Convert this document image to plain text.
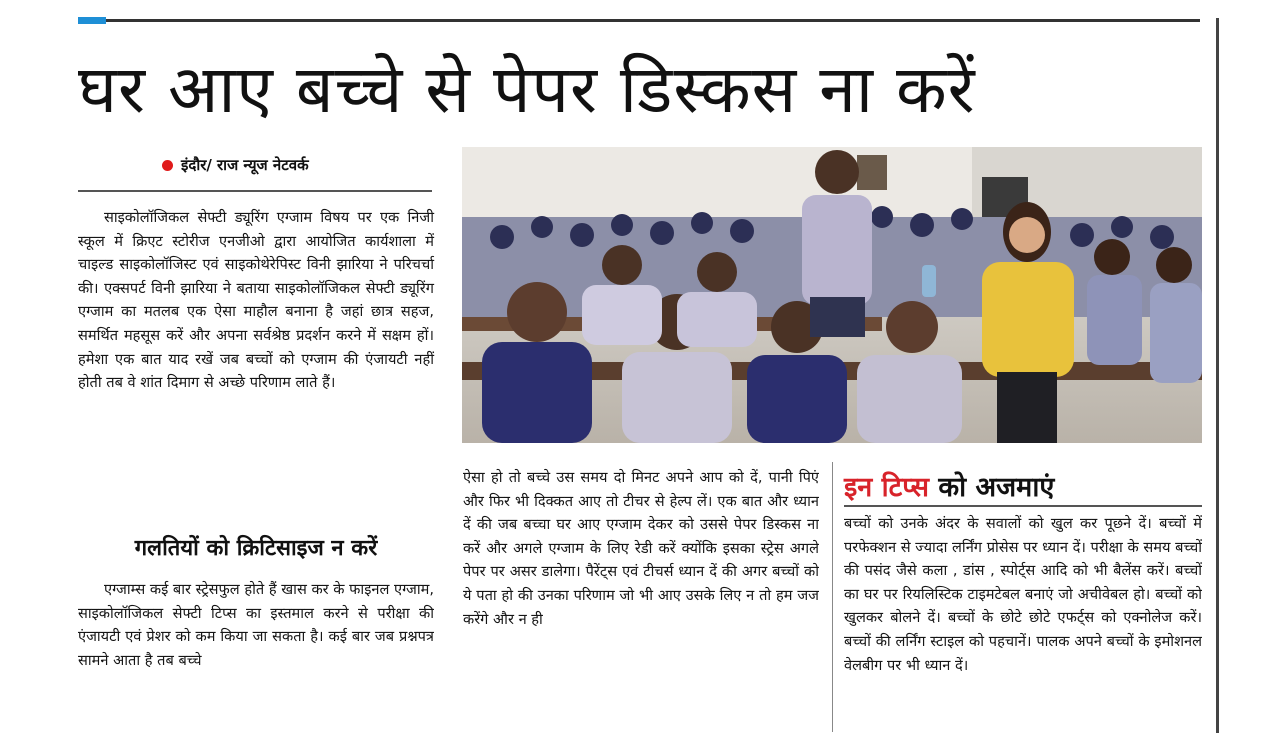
घर आए बच्चे से पेपर डिस्कस ना करें
इंदौर/ राज न्यूज नेटवर्क

साइकोलॉजिकल सेफ्टी ड्यूरिंग एग्जाम विषय पर एक निजी स्कूल में क्रिएट स्टोरीज एनजीओ द्वारा आयोजित कार्यशाला में चाइल्ड साइकोलॉजिस्ट एवं साइकोथेरेपिस्ट विनी झारिया ने परिचर्चा की। एक्सपर्ट विनी झारिया ने बताया साइकोलॉजिकल सेफ्टी ड्यूरिंग एग्जाम का मतलब एक ऐसा माहौल बनाना है जहां छात्र सहज, समर्थित महसूस करें और अपना सर्वश्रेष्ठ प्रदर्शन करने में सक्षम हों। हमेशा एक बात याद रखें जब बच्चों को एग्जाम की एंजायटी नहीं होती तब वे शांत दिमाग से अच्छे परिणाम लाते हैं।

गलतियों को क्रिटिसाइज न करें

एग्जाम्स कई बार स्ट्रेसफुल होते हैं खास कर के फाइनल एग्जाम, साइकोलॉजिकल सेफ्टी टिप्स का इस्तमाल करने से परीक्षा की एंजायटी एवं प्रेशर को कम किया जा सकता है। कई बार जब प्रश्नपत्र सामने आता है तब बच्चे

ऐसा हो तो बच्चे उस समय दो मिनट अपने आप को दें, पानी पिएं और फिर भी दिक्कत आए तो टीचर से हेल्प लें। एक बात और ध्यान दें की जब बच्चा घर आए एग्जाम देकर को उससे पेपर डिस्कस ना करें और अगले एग्जाम के लिए रेडी करें क्योंकि इसका स्ट्रेस अगले पेपर पर असर डालेगा। पैरेंट्स एवं टीचर्स ध्यान दें की अगर बच्चों को ये पता हो की उनका परिणाम जो भी आए उसके लिए न तो हम जज करेंगे और न ही

इन टिप्स को अजमाएं

बच्चों को उनके अंदर के सवालों को खुल कर पूछने दें। बच्चों में परफेक्शन से ज्यादा लर्निंग प्रोसेस पर ध्यान दें। परीक्षा के समय बच्चों की पसंद जैसे कला , डांस , स्पोर्ट्स आदि को भी बैलेंस करें। बच्चों का घर पर रियलिस्टिक टाइमटेबल बनाएं जो अचीवेबल हो। बच्चों को खुलकर बोलने दें। बच्चों के छोटे छोटे एफर्ट्स को एक्नोलेज करें। बच्चों की लर्निंग स्टाइल को पहचानें। पालक अपने बच्चों के इमोशनल वेलबीग पर भी ध्यान दें।
